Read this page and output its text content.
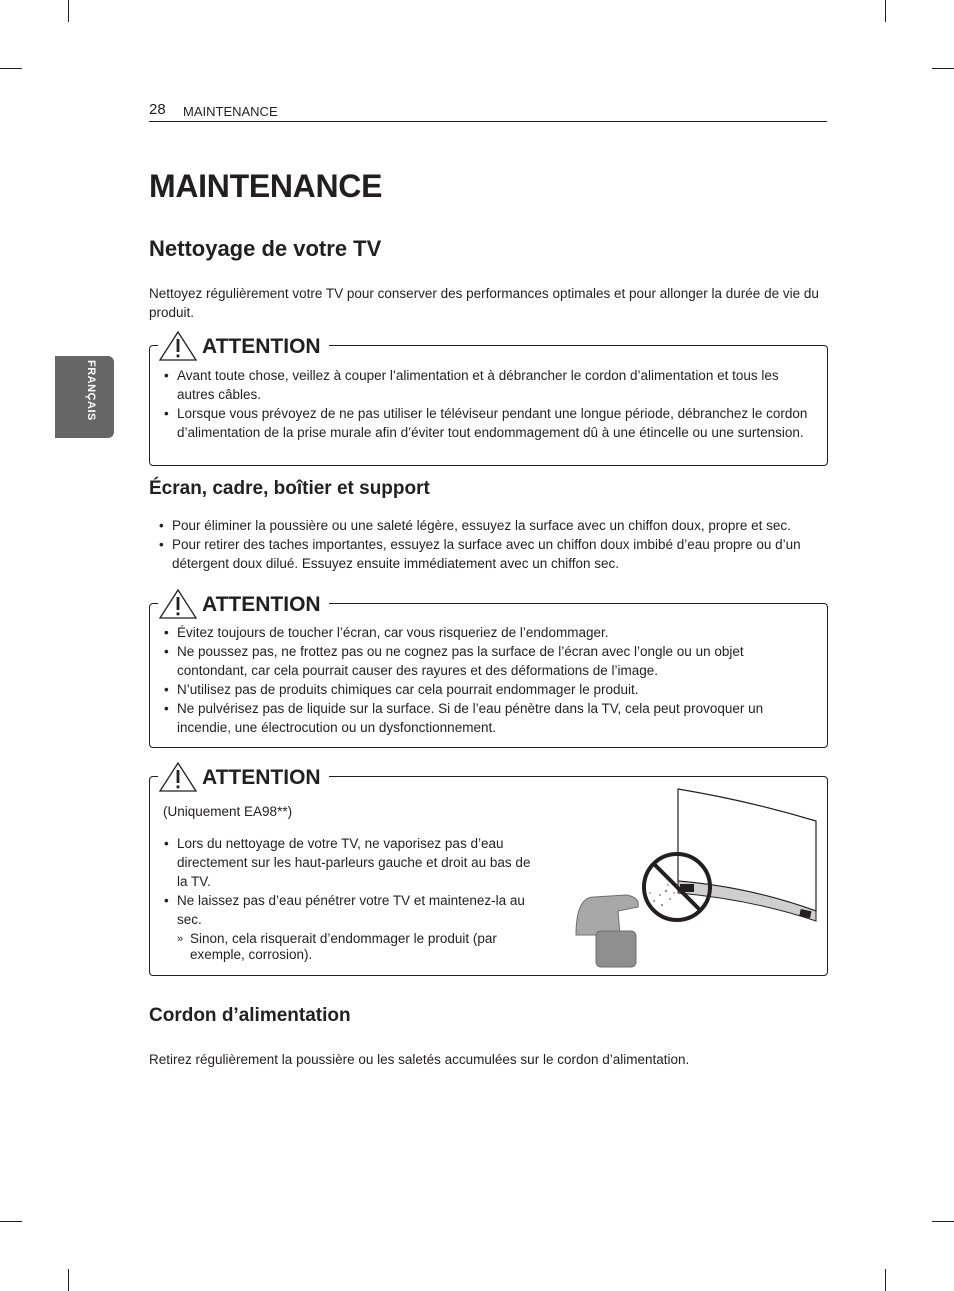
28 MAINTENANCE
FRANÇAIS
MAINTENANCE
Nettoyage de votre TV

Nettoyez régulièrement votre TV pour conserver des performances optimales et pour allonger la durée de vie du produit.

ATTENTION
• Avant toute chose, veillez à couper l’alimentation et à débrancher le cordon d’alimentation et tous les autres câbles.
• Lorsque vous prévoyez de ne pas utiliser le téléviseur pendant une longue période, débranchez le cordon d’alimentation de la prise murale afin d’éviter tout endommagement dû à une étincelle ou une surtension.
Écran, cadre, boîtier et support
• Pour éliminer la poussière ou une saleté légère, essuyez la surface avec un chiffon doux, propre et sec.
• Pour retirer des taches importantes, essuyez la surface avec un chiffon doux imbibé d’eau propre ou d’un détergent doux dilué. Essuyez ensuite immédiatement avec un chiffon sec.
ATTENTION
• Évitez toujours de toucher l’écran, car vous risqueriez de l’endommager.
• Ne poussez pas, ne frottez pas ou ne cognez pas la surface de l’écran avec l’ongle ou un objet contondant, car cela pourrait causer des rayures et des déformations de l’image.
• N’utilisez pas de produits chimiques car cela pourrait endommager le produit.
• Ne pulvérisez pas de liquide sur la surface. Si de l’eau pénètre dans la TV, cela peut provoquer un incendie, une électrocution ou un dysfonctionnement.
ATTENTION
(Uniquement EA98**)
• Lors du nettoyage de votre TV, ne vaporisez pas d’eau directement sur les haut-parleurs gauche et droit au bas de la TV.
• Ne laissez pas d’eau pénétrer votre TV et maintenez-la au sec.
» Sinon, cela risquerait d’endommager le produit (par exemple, corrosion).
Cordon d’alimentation

Retirez régulièrement la poussière ou les saletés accumulées sur le cordon d’alimentation.
